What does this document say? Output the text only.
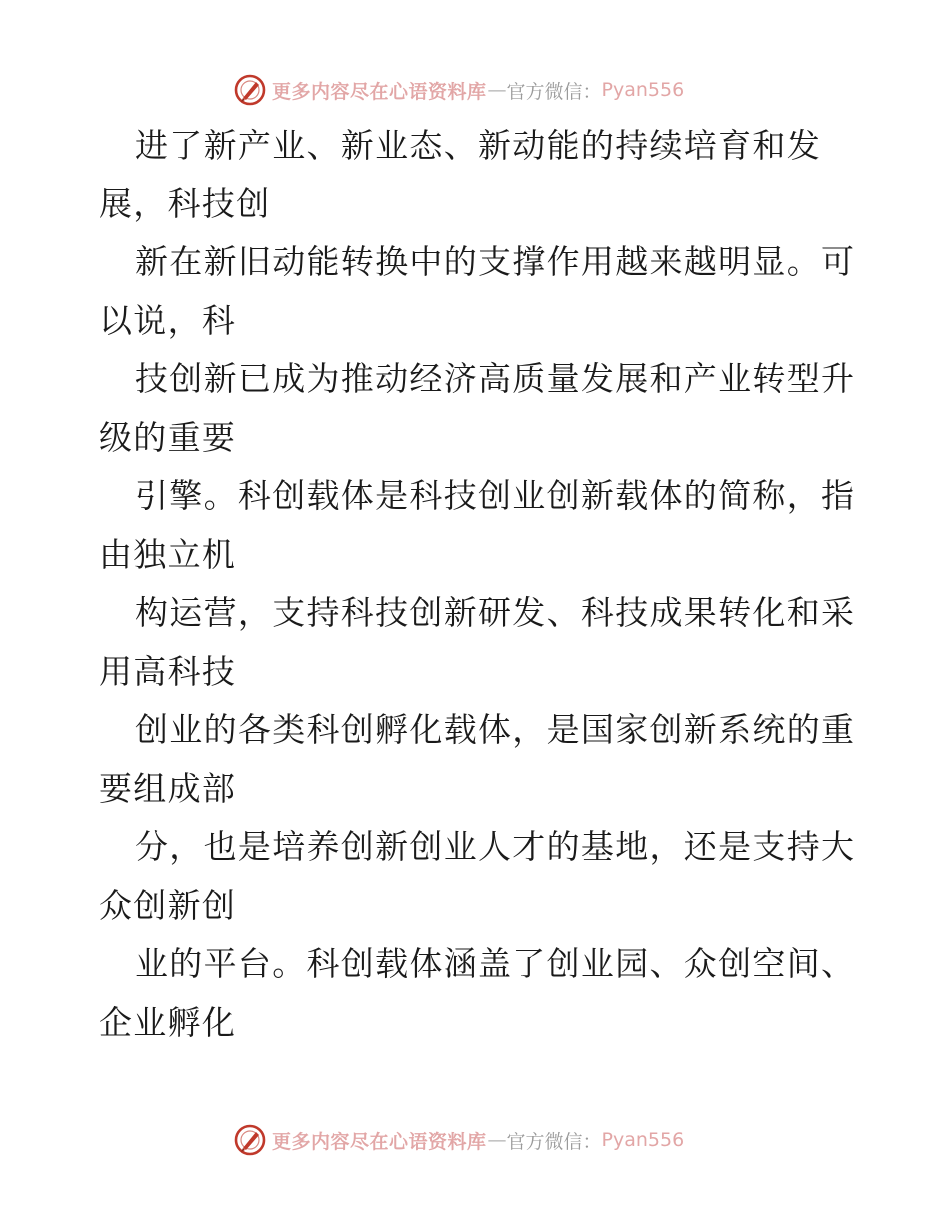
更多内容尽在心语资料库 — 官方微信： Pyan556
进了新产业、新业态、新动能的持续培育和发
展，科技创
新在新旧动能转换中的支撑作用越来越明显。可
以说，科
技创新已成为推动经济高质量发展和产业转型升
级的重要
引擎。科创载体是科技创业创新载体的简称，指
由独立机
构运营，支持科技创新研发、科技成果转化和采
用高科技
创业的各类科创孵化载体，是国家创新系统的重
要组成部
分，也是培养创新创业人才的基地，还是支持大
众创新创
业的平台。科创载体涵盖了创业园、众创空间、
企业孵化
更多内容尽在心语资料库 — 官方微信： Pyan556
